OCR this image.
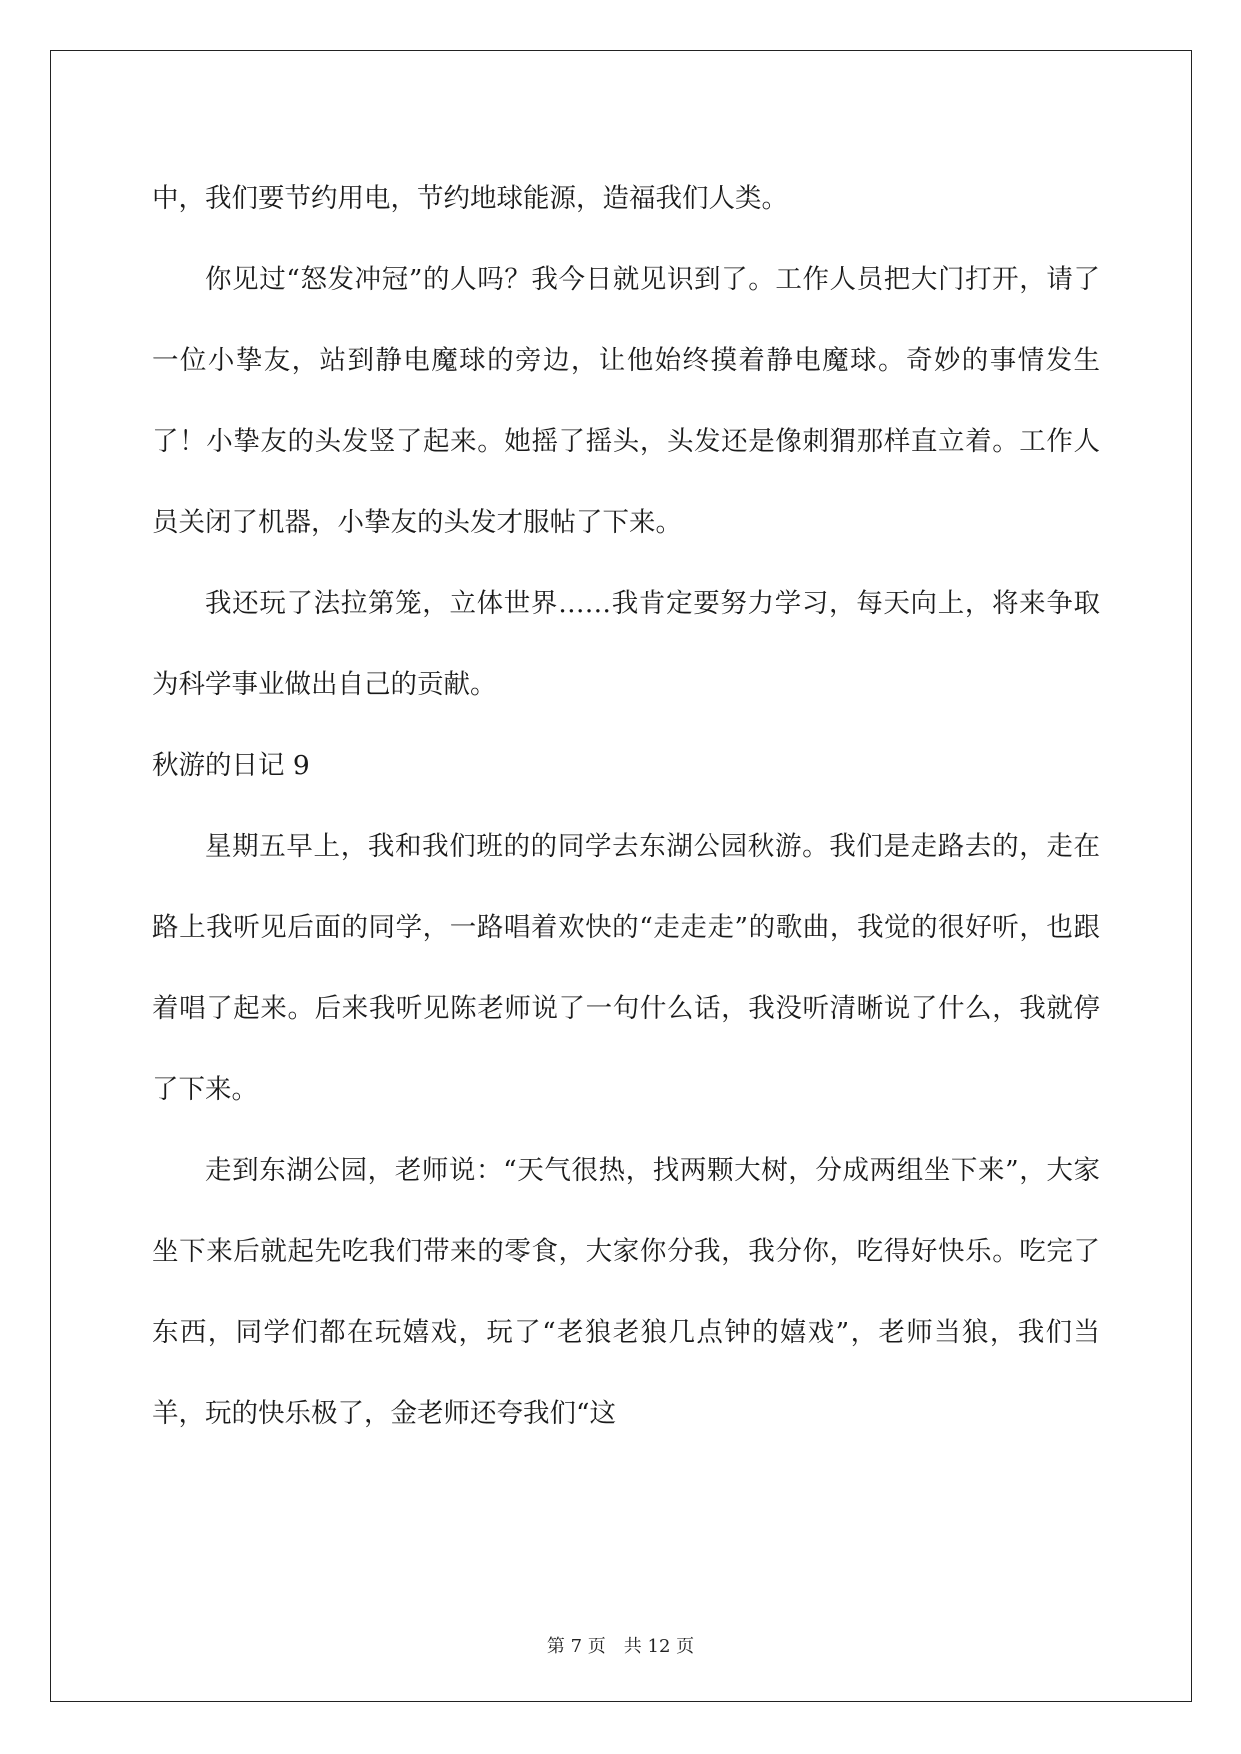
中，我们要节约用电，节约地球能源，造福我们人类。

你见过“怒发冲冠”的人吗？我今日就见识到了。工作人员把大门打开，请了一位小挚友，站到静电魔球的旁边，让他始终摸着静电魔球。奇妙的事情发生了！小挚友的头发竖了起来。她摇了摇头，头发还是像刺猬那样直立着。工作人员关闭了机器，小挚友的头发才服帖了下来。

我还玩了法拉第笼，立体世界……我肯定要努力学习，每天向上，将来争取为科学事业做出自己的贡献。

秋游的日记 9

星期五早上，我和我们班的的同学去东湖公园秋游。我们是走路去的，走在路上我听见后面的同学，一路唱着欢快的“走走走”的歌曲，我觉的很好听，也跟着唱了起来。后来我听见陈老师说了一句什么话，我没听清晰说了什么，我就停了下来。

走到东湖公园，老师说：“天气很热，找两颗大树，分成两组坐下来”，大家坐下来后就起先吃我们带来的零食，大家你分我，我分你，吃得好快乐。吃完了东西，同学们都在玩嬉戏，玩了“老狼老狼几点钟的嬉戏”，老师当狼，我们当羊，玩的快乐极了，金老师还夸我们“这

第 7 页 共 12 页
